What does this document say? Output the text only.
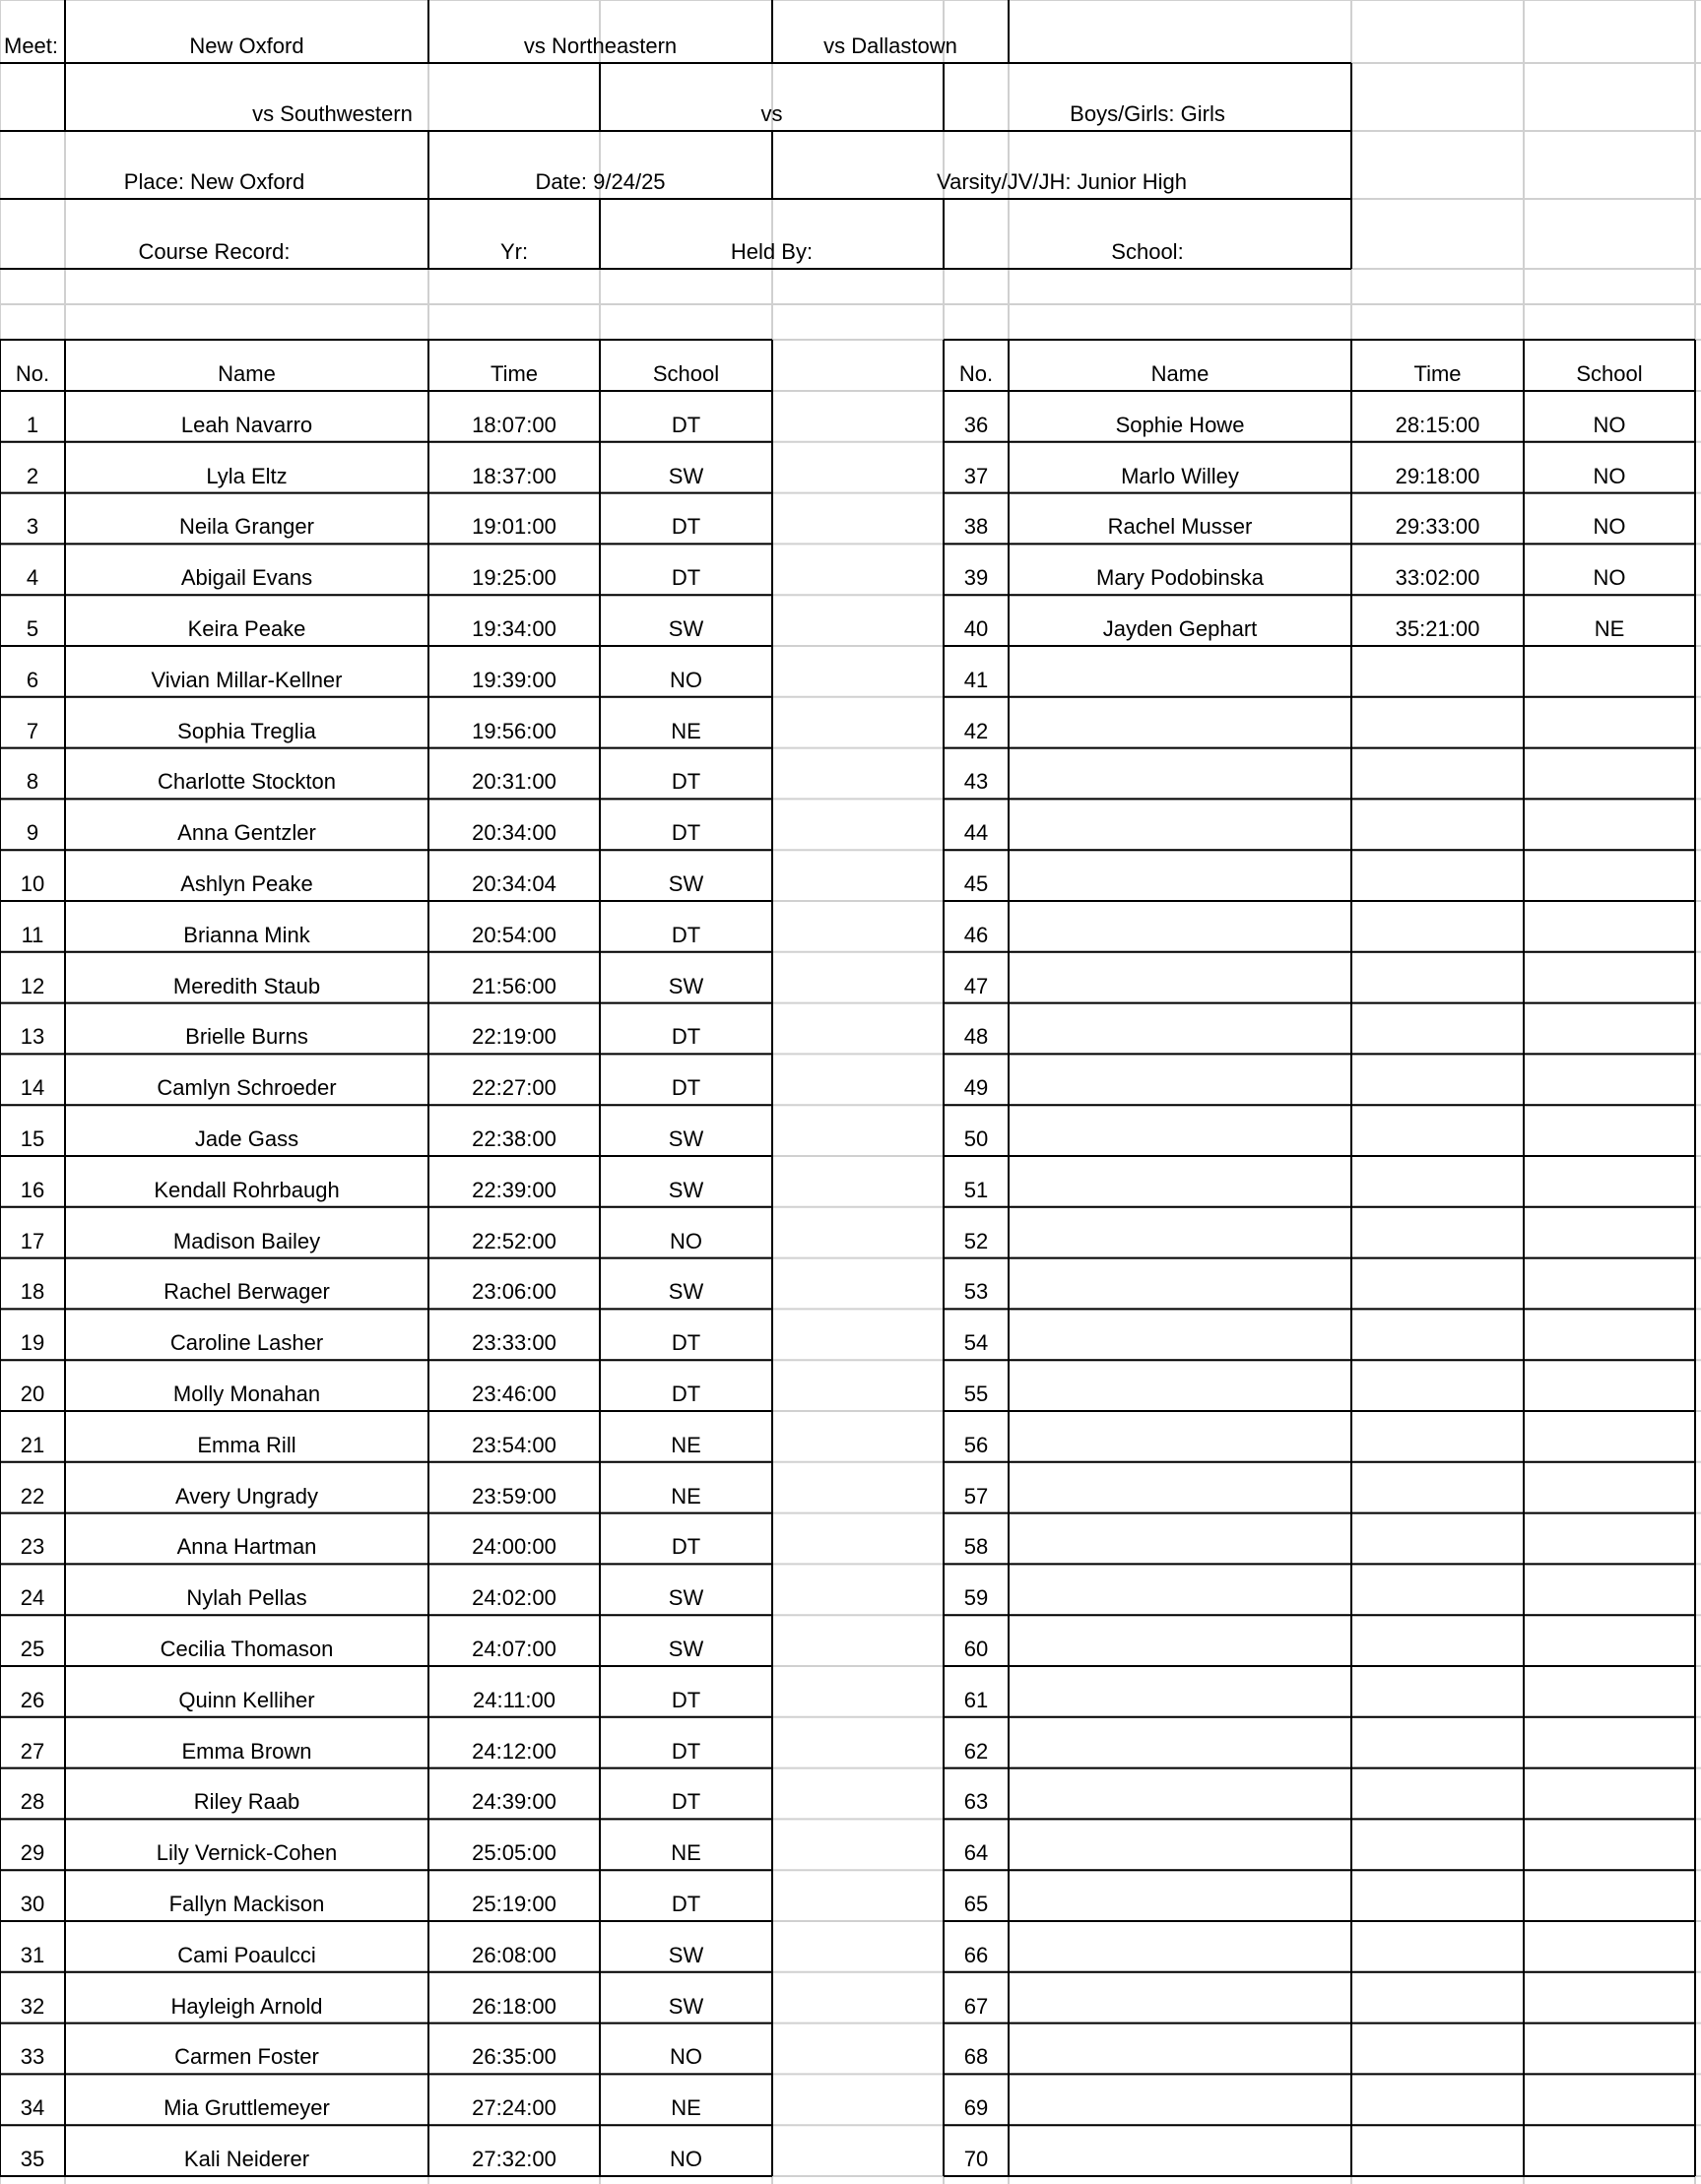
Meet:	New Oxford	vs Northeastern	vs Dallastown
vs Southwestern	vs	Boys/Girls: Girls
Place: New Oxford	Date: 9/24/25	Varsity/JV/JH: Junior High
Course Record:	Yr:	Held By:	School:
No.	Name	Time	School	No.	Name	Time	School
1	Leah Navarro	18:07:00	DT
2	Lyla Eltz	18:37:00	SW
3	Neila Granger	19:01:00	DT
4	Abigail Evans	19:25:00	DT
5	Keira Peake	19:34:00	SW
6	Vivian Millar-Kellner	19:39:00	NO
7	Sophia Treglia	19:56:00	NE
8	Charlotte Stockton	20:31:00	DT
9	Anna Gentzler	20:34:00	DT
10	Ashlyn Peake	20:34:04	SW
11	Brianna Mink	20:54:00	DT
12	Meredith Staub	21:56:00	SW
13	Brielle Burns	22:19:00	DT
14	Camlyn Schroeder	22:27:00	DT
15	Jade Gass	22:38:00	SW
16	Kendall Rohrbaugh	22:39:00	SW
17	Madison Bailey	22:52:00	NO
18	Rachel Berwager	23:06:00	SW
19	Caroline Lasher	23:33:00	DT
20	Molly Monahan	23:46:00	DT
21	Emma Rill	23:54:00	NE
22	Avery Ungrady	23:59:00	NE
23	Anna Hartman	24:00:00	DT
24	Nylah Pellas	24:02:00	SW
25	Cecilia Thomason	24:07:00	SW
26	Quinn Kelliher	24:11:00	DT
27	Emma Brown	24:12:00	DT
28	Riley Raab	24:39:00	DT
29	Lily Vernick-Cohen	25:05:00	NE
30	Fallyn Mackison	25:19:00	DT
31	Cami Poaulcci	26:08:00	SW
32	Hayleigh Arnold	26:18:00	SW
33	Carmen Foster	26:35:00	NO
34	Mia Gruttlemeyer	27:24:00	NE
35	Kali Neiderer	27:32:00	NO
36	Sophie Howe	28:15:00	NO
37	Marlo Willey	29:18:00	NO
38	Rachel Musser	29:33:00	NO
39	Mary Podobinska	33:02:00	NO
40	Jayden Gephart	35:21:00	NE
41
42
43
44
45
46
47
48
49
50
51
52
53
54
55
56
57
58
59
60
61
62
63
64
65
66
67
68
69
70
